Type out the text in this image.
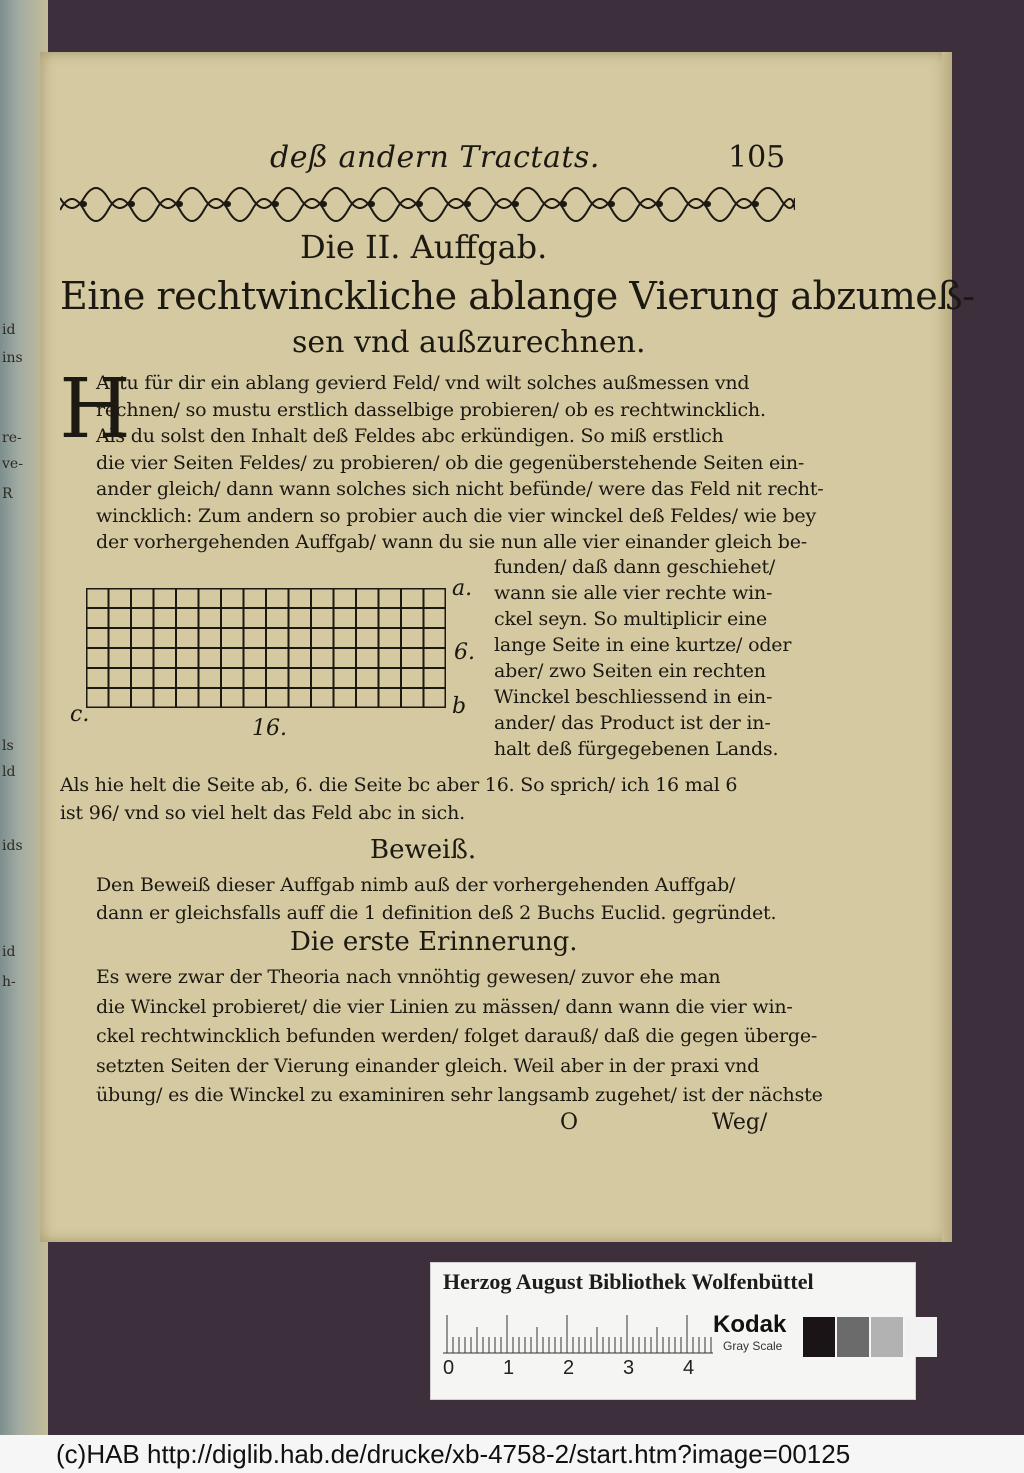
id
ins
re-
ve-
R
ls
ld
ids
id
h-
deß andern Tractats.	105
Die II. Auffgab.
Eine rechtwinckliche ablange Vierung abzumeß-
sen vnd außzurechnen.
H
Astu für dir ein ablang gevierd Feld/ vnd wilt solches außmessen vnd
rechnen/ so mustu erstlich dasselbige probieren/ ob es rechtwincklich.
Als du solst den Inhalt deß Feldes abc erkündigen. So miß erstlich
die vier Seiten Feldes/ zu probieren/ ob die gegenüberstehende Seiten ein-
ander gleich/ dann wann solches sich nicht befünde/ were das Feld nit recht-
wincklich: Zum andern so probier auch die vier winckel deß Feldes/ wie bey
der vorhergehenden Auffgab/ wann du sie nun alle vier einander gleich be-
funden/ daß dann geschiehet/
wann sie alle vier rechte win-
ckel seyn. So multiplicir eine
lange Seite in eine kurtze/ oder
aber/ zwo Seiten ein rechten
Winckel beschliessend in ein-
ander/ das Product ist der in-
halt deß fürgegebenen Lands.
a.
6.
b
c.
16.
Als hie helt die Seite ab, 6. die Seite bc aber 16. So sprich/ ich 16 mal 6
ist 96/ vnd so viel helt das Feld abc in sich.
Beweiß.
Den Beweiß dieser Auffgab nimb auß der vorhergehenden Auffgab/
dann er gleichsfalls auff die 1 definition deß 2 Buchs Euclid. gegründet.
Die erste Erinnerung.
Es were zwar der Theoria nach vnnöhtig gewesen/ zuvor ehe man
die Winckel probieret/ die vier Linien zu mässen/ dann wann die vier win-
ckel rechtwincklich befunden werden/ folget darauß/ daß die gegen überge-
setzten Seiten der Vierung einander gleich. Weil aber in der praxi vnd
übung/ es die Winckel zu examiniren sehr langsamb zugehet/ ist der nächste
O	Weg/
Herzog August Bibliothek Wolfenbüttel
0 1 2 3 4
Kodak
Gray Scale
(c)HAB http://diglib.hab.de/drucke/xb-4758-2/start.htm?image=00125
